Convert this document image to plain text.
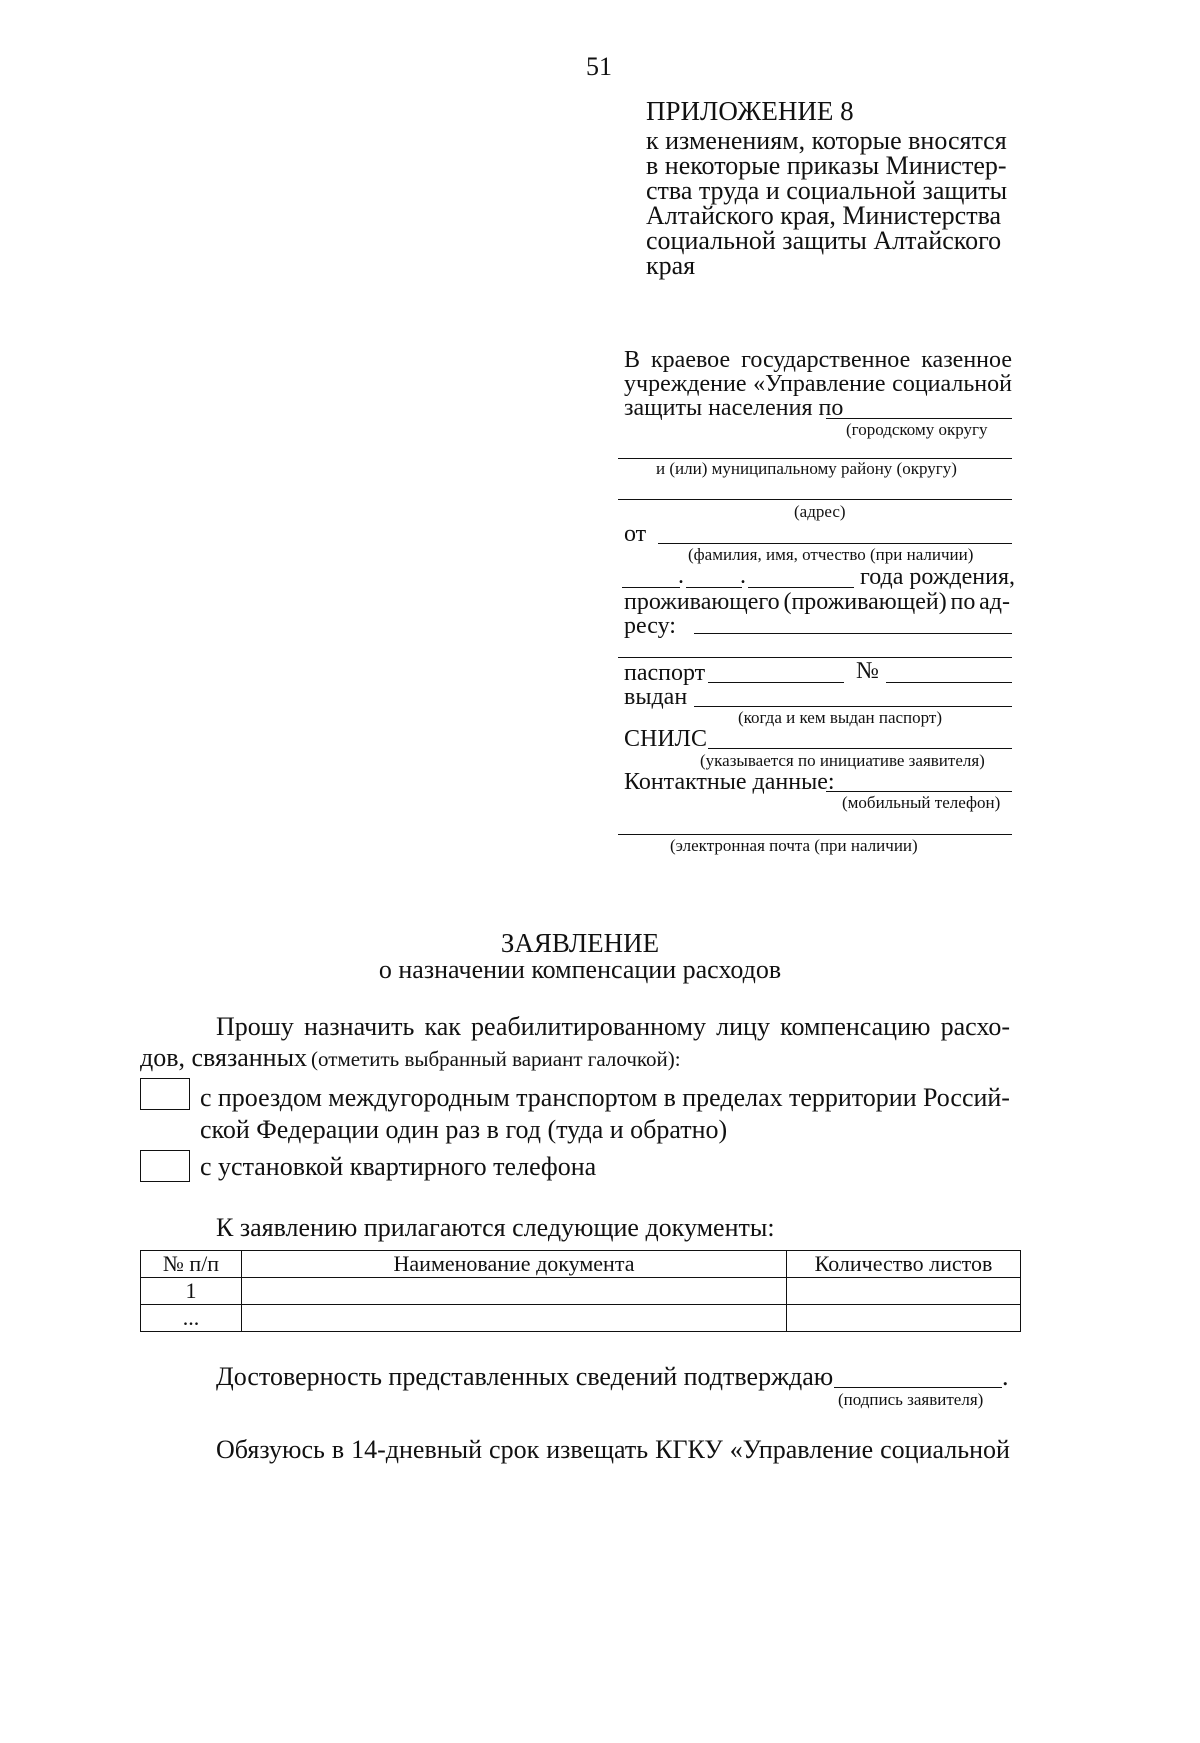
51
ПРИЛОЖЕНИЕ 8
к изменениям, которые вносятся
в некоторые приказы Министер-
ства труда и социальной защиты
Алтайского края, Министерства
социальной защиты Алтайского
края
В краевое государственное казенное
учреждение «Управление социальной
защиты населения по
(городскому округу
и (или) муниципальному району (округу)
(адрес)
от
(фамилия, имя, отчество (при наличии)
. .	года рождения,
проживающего (проживающей) по ад-
ресу:
паспорт	№
выдан
(когда и кем выдан паспорт)
СНИЛС
(указывается по инициативе заявителя)
Контактные данные:
(мобильный телефон)
(электронная почта (при наличии)
ЗАЯВЛЕНИЕ
о назначении компенсации расходов
Прошу назначить как реабилитированному лицу компенсацию расхо-
дов, связанных (отметить выбранный вариант галочкой):
с проездом междугородным транспортом в пределах территории Россий-
ской Федерации один раз в год (туда и обратно)
с установкой квартирного телефона
К заявлению прилагаются следующие документы:
№ п/п	Наименование документа	Количество листов
1		
...		
Достоверность представленных сведений подтверждаю	.
(подпись заявителя)
Обязуюсь в 14-дневный срок извещать КГКУ «Управление социальной
